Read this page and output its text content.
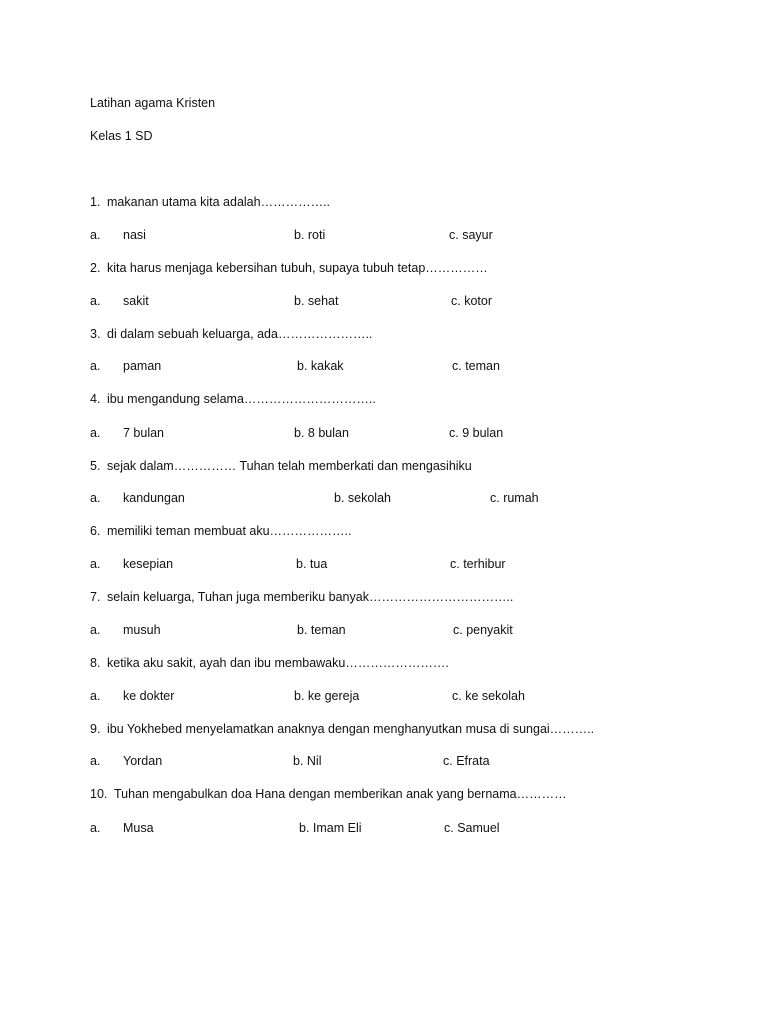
Latihan agama Kristen
Kelas 1 SD
1. makanan utama kita adalah……………..
a. nasi	b. roti	c. sayur
2. kita harus menjaga kebersihan tubuh, supaya tubuh tetap……………
a. sakit	b. sehat	c. kotor
3. di dalam sebuah keluarga, ada…………………..
a. paman	b. kakak	c. teman
4. ibu mengandung selama…………………………..
a. 7 bulan	b. 8 bulan	c. 9 bulan
5. sejak dalam…………… Tuhan telah memberkati dan mengasihiku
a. kandungan	b. sekolah	c. rumah
6. memiliki teman membuat aku………………..
a. kesepian	b. tua	c. terhibur
7. selain keluarga, Tuhan juga memberiku banyak……………………………..
a. musuh	b. teman	c. penyakit
8. ketika aku sakit, ayah dan ibu membawaku…………………….
a. ke dokter	b. ke gereja	c. ke sekolah
9. ibu Yokhebed menyelamatkan anaknya dengan menghanyutkan musa di sungai………..
a. Yordan	b. Nil	c. Efrata
10. Tuhan mengabulkan doa Hana dengan memberikan anak yang bernama…………
a. Musa	b. Imam Eli	c. Samuel
